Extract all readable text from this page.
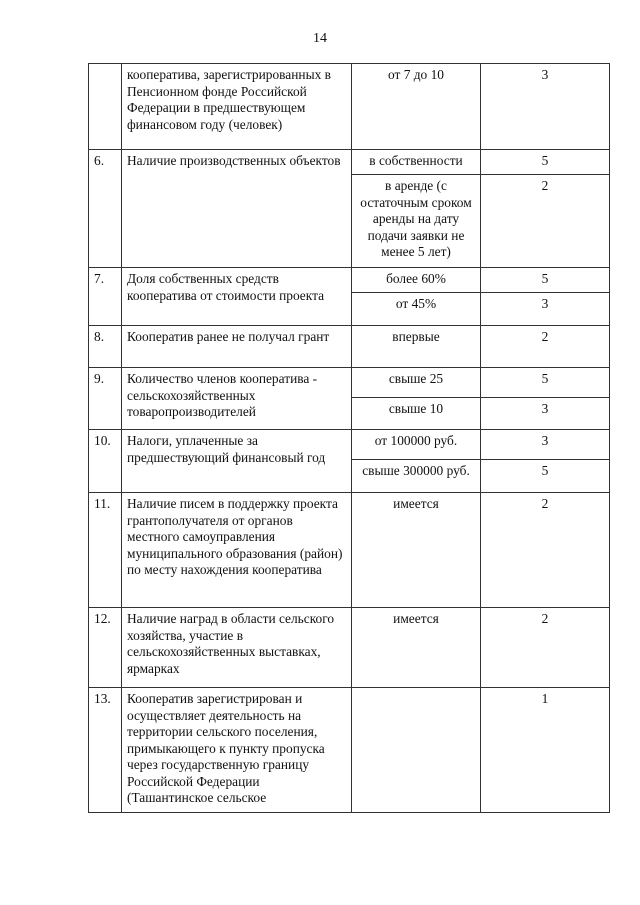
14
	кооператива, зарегистрированных в Пенсионном фонде Российской Федерации в предшествующем финансовом году (человек)	от 7 до 10	3
6.	Наличие производственных объектов	в собственности	5
		в аренде (с остаточным сроком аренды на дату подачи заявки не менее 5 лет)	2
7.	Доля собственных средств кооператива от стоимости проекта	более 60%	5
		от 45%	3
8.	Кооператив ранее не получал грант	впервые	2
9.	Количество членов кооператива - сельскохозяйственных товаропроизводителей	свыше 25	5
		свыше 10	3
10.	Налоги, уплаченные за предшествующий финансовый год	от 100000 руб.	3
		свыше 300000 руб.	5
11.	Наличие писем в поддержку проекта грантополучателя от органов местного самоуправления муниципального образования (район) по месту нахождения кооператива	имеется	2
12.	Наличие наград в области сельского хозяйства, участие в сельскохозяйственных выставках, ярмарках	имеется	2
13.	Кооператив зарегистрирован и осуществляет деятельность на территории сельского поселения, примыкающего к пункту пропуска через государственную границу Российской Федерации (Ташантинское сельское		1
